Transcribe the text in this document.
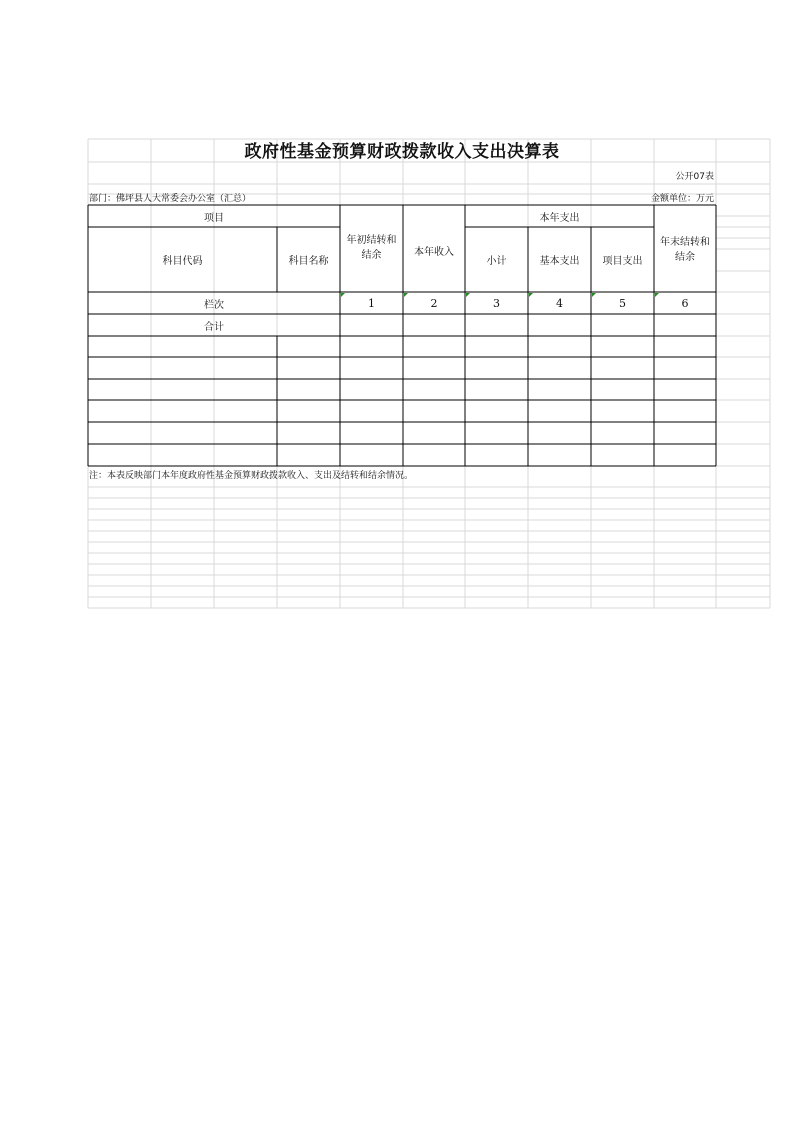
政府性基金预算财政拨款收入支出决算表
公开07表
部门：佛坪县人大常委会办公室（汇总）	金额单位：万元
项目
科目代码	科目名称
年初结转和结余	本年收入
本年支出
小计	基本支出	项目支出
年末结转和结余
栏次	1	2	3	4	5	6
合计
注：本表反映部门本年度政府性基金预算财政拨款收入、支出及结转和结余情况。
